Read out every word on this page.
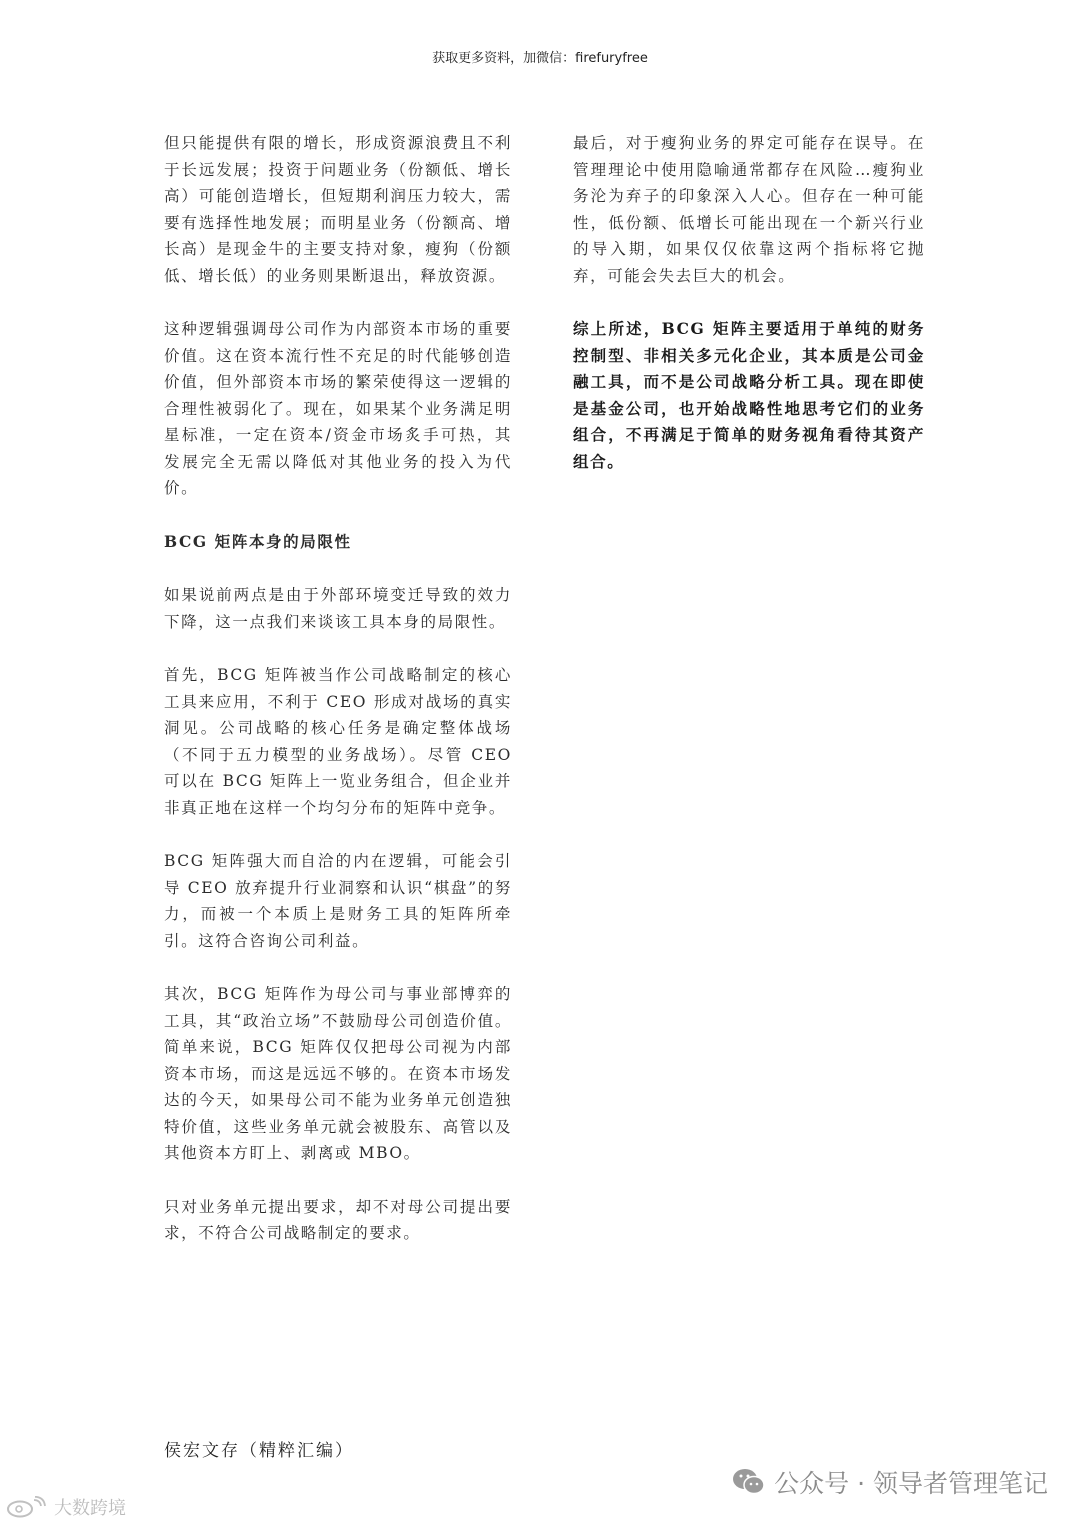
获取更多资料，加微信：firefuryfree

但只能提供有限的增长，形成资源浪费且不利于长远发展；投资于问题业务（份额低、增长高）可能创造增长，但短期利润压力较大，需要有选择性地发展；而明星业务（份额高、增长高）是现金牛的主要支持对象，瘦狗（份额低、增长低）的业务则果断退出，释放资源。

这种逻辑强调母公司作为内部资本市场的重要价值。这在资本流行性不充足的时代能够创造价值，但外部资本市场的繁荣使得这一逻辑的合理性被弱化了。现在，如果某个业务满足明星标准，一定在资本/资金市场炙手可热，其发展完全无需以降低对其他业务的投入为代价。

BCG 矩阵本身的局限性

如果说前两点是由于外部环境变迁导致的效力下降，这一点我们来谈该工具本身的局限性。

首先，BCG 矩阵被当作公司战略制定的核心工具来应用，不利于 CEO 形成对战场的真实洞见。公司战略的核心任务是确定整体战场（不同于五力模型的业务战场）。尽管 CEO 可以在 BCG 矩阵上一览业务组合，但企业并非真正地在这样一个均匀分布的矩阵中竞争。

BCG 矩阵强大而自洽的内在逻辑，可能会引导 CEO 放弃提升行业洞察和认识“棋盘”的努力，而被一个本质上是财务工具的矩阵所牵引。这符合咨询公司利益。

其次，BCG 矩阵作为母公司与事业部博弈的工具，其“政治立场”不鼓励母公司创造价值。简单来说，BCG 矩阵仅仅把母公司视为内部资本市场，而这是远远不够的。在资本市场发达的今天，如果母公司不能为业务单元创造独特价值，这些业务单元就会被股东、高管以及其他资本方盯上、剥离或 MBO。

只对业务单元提出要求，却不对母公司提出要求，不符合公司战略制定的要求。

最后，对于瘦狗业务的界定可能存在误导。在管理理论中使用隐喻通常都存在风险…瘦狗业务沦为弃子的印象深入人心。但存在一种可能性，低份额、低增长可能出现在一个新兴行业的导入期，如果仅仅依靠这两个指标将它抛弃，可能会失去巨大的机会。

综上所述，BCG 矩阵主要适用于单纯的财务控制型、非相关多元化企业，其本质是公司金融工具，而不是公司战略分析工具。现在即使是基金公司，也开始战略性地思考它们的业务组合，不再满足于简单的财务视角看待其资产组合。

侯宏文存（精粹汇编）
公众号 · 领导者管理笔记
大数跨境
